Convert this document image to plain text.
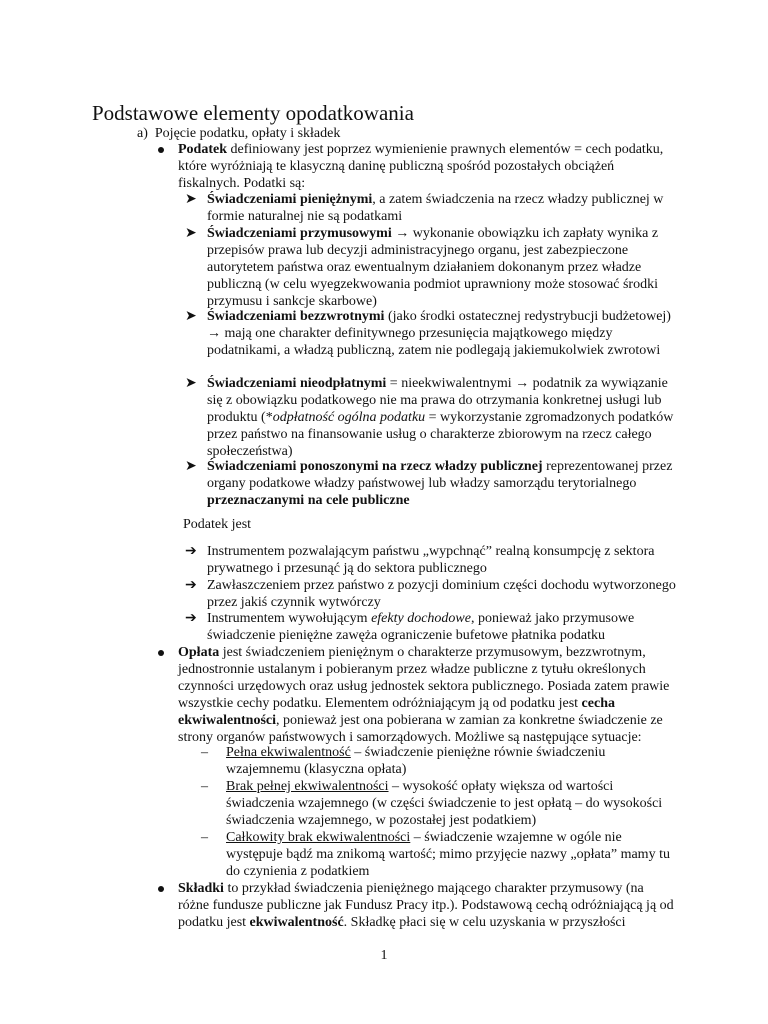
Podstawowe elementy opodatkowania
a) Pojęcie podatku, opłaty i składek
Podatek definiowany jest poprzez wymienienie prawnych elementów = cech podatku, które wyróżniają te klasyczną daninę publiczną spośród pozostałych obciążeń fiskalnych. Podatki są:
➤ Świadczeniami pieniężnymi, a zatem świadczenia na rzecz władzy publicznej w formie naturalnej nie są podatkami
➤ Świadczeniami przymusowymi → wykonanie obowiązku ich zapłaty wynika z przepisów prawa lub decyzji administracyjnego organu, jest zabezpieczone autorytetem państwa oraz ewentualnym działaniem dokonanym przez władze publiczną (w celu wyegzekwowania podmiot uprawniony może stosować środki przymusu i sankcje skarbowe)
➤ Świadczeniami bezzwrotnymi (jako środki ostatecznej redystrybucji budżetowej) → mają one charakter definitywnego przesunięcia majątkowego między podatnikami, a władzą publiczną, zatem nie podlegają jakiemukolwiek zwrotowi
➤ Świadczeniami nieodpłatnymi = nieekwiwalentnymi → podatnik za wywiązanie się z obowiązku podatkowego nie ma prawa do otrzymania konkretnej usługi lub produktu (*odpłatność ogólna podatku = wykorzystanie zgromadzonych podatków przez państwo na finansowanie usług o charakterze zbiorowym na rzecz całego społeczeństwa)
➤ Świadczeniami ponoszonymi na rzecz władzy publicznej reprezentowanej przez organy podatkowe władzy państwowej lub władzy samorządu terytorialnego przeznaczanymi na cele publiczne
Podatek jest
➔ Instrumentem pozwalającym państwu „wypchnąć” realną konsumpcję z sektora prywatnego i przesunąć ją do sektora publicznego
➔ Zawłaszczeniem przez państwo z pozycji dominium części dochodu wytworzonego przez jakiś czynnik wytwórczy
➔ Instrumentem wywołującym efekty dochodowe, ponieważ jako przymusowe świadczenie pieniężne zawęża ograniczenie bufetowe płatnika podatku
Opłata jest świadczeniem pieniężnym o charakterze przymusowym, bezzwrotnym, jednostronnie ustalanym i pobieranym przez władze publiczne z tytułu określonych czynności urzędowych oraz usług jednostek sektora publicznego. Posiada zatem prawie wszystkie cechy podatku. Elementem odróżniającym ją od podatku jest cecha ekwiwalentności, ponieważ jest ona pobierana w zamian za konkretne świadczenie ze strony organów państwowych i samorządowych. Możliwe są następujące sytuacje:
– Pełna ekwiwalentność – świadczenie pieniężne równie świadczeniu wzajemnemu (klasyczna opłata)
– Brak pełnej ekwiwalentności – wysokość opłaty większa od wartości świadczenia wzajemnego (w części świadczenie to jest opłatą – do wysokości świadczenia wzajemnego, w pozostałej jest podatkiem)
– Całkowity brak ekwiwalentności – świadczenie wzajemne w ogóle nie występuje bądź ma znikomą wartość; mimo przyjęcie nazwy „opłata” mamy tu do czynienia z podatkiem
Składki to przykład świadczenia pieniężnego mającego charakter przymusowy (na różne fundusze publiczne jak Fundusz Pracy itp.). Podstawową cechą odróżniającą ją od podatku jest ekwiwalentność. Składkę płaci się w celu uzyskania w przyszłości
1
